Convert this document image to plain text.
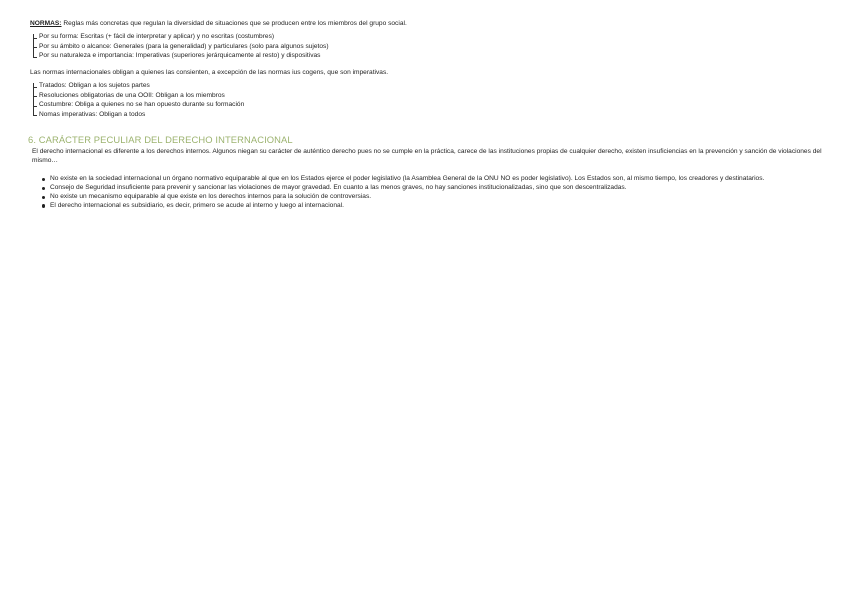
NORMAS: Reglas más concretas que regulan la diversidad de situaciones que se producen entre los miembros del grupo social.
Por su forma: Escritas (+ fácil de interpretar y aplicar) y no escritas (costumbres)
Por su ámbito o alcance: Generales (para la generalidad) y particulares (solo para algunos sujetos)
Por su naturaleza e importancia: Imperativas (superiores jerárquicamente al resto) y dispositivas
Las normas internacionales obligan a quienes las consienten, a excepción de las normas ius cogens, que son imperativas.
Tratados: Obligan a los sujetos partes
Resoluciones obligatorias de una OOII: Obligan a los miembros
Costumbre: Obliga a quienes no se han opuesto durante su formación
Nomas imperativas: Obligan a todos
6. CARÁCTER PECULIAR DEL DERECHO INTERNACIONAL
El derecho internacional es diferente a los derechos internos. Algunos niegan su carácter de auténtico derecho pues no se cumple en la práctica, carece de las instituciones propias de cualquier derecho, existen insuficiencias en la prevención y sanción de violaciones del mismo…
No existe en la sociedad internacional un órgano normativo equiparable al que en los Estados ejerce el poder legislativo (la Asamblea General de la ONU NO es poder legislativo). Los Estados son, al mismo tiempo, los creadores y destinatarios.
Consejo de Seguridad insuficiente para prevenir y sancionar las violaciones de mayor gravedad. En cuanto a las menos graves, no hay sanciones institucionalizadas, sino que son descentralizadas.
No existe un mecanismo equiparable al que existe en los derechos internos para la solución de controversias.
El derecho internacional es subsidiario, es decir, primero se acude al interno y luego al internacional.
